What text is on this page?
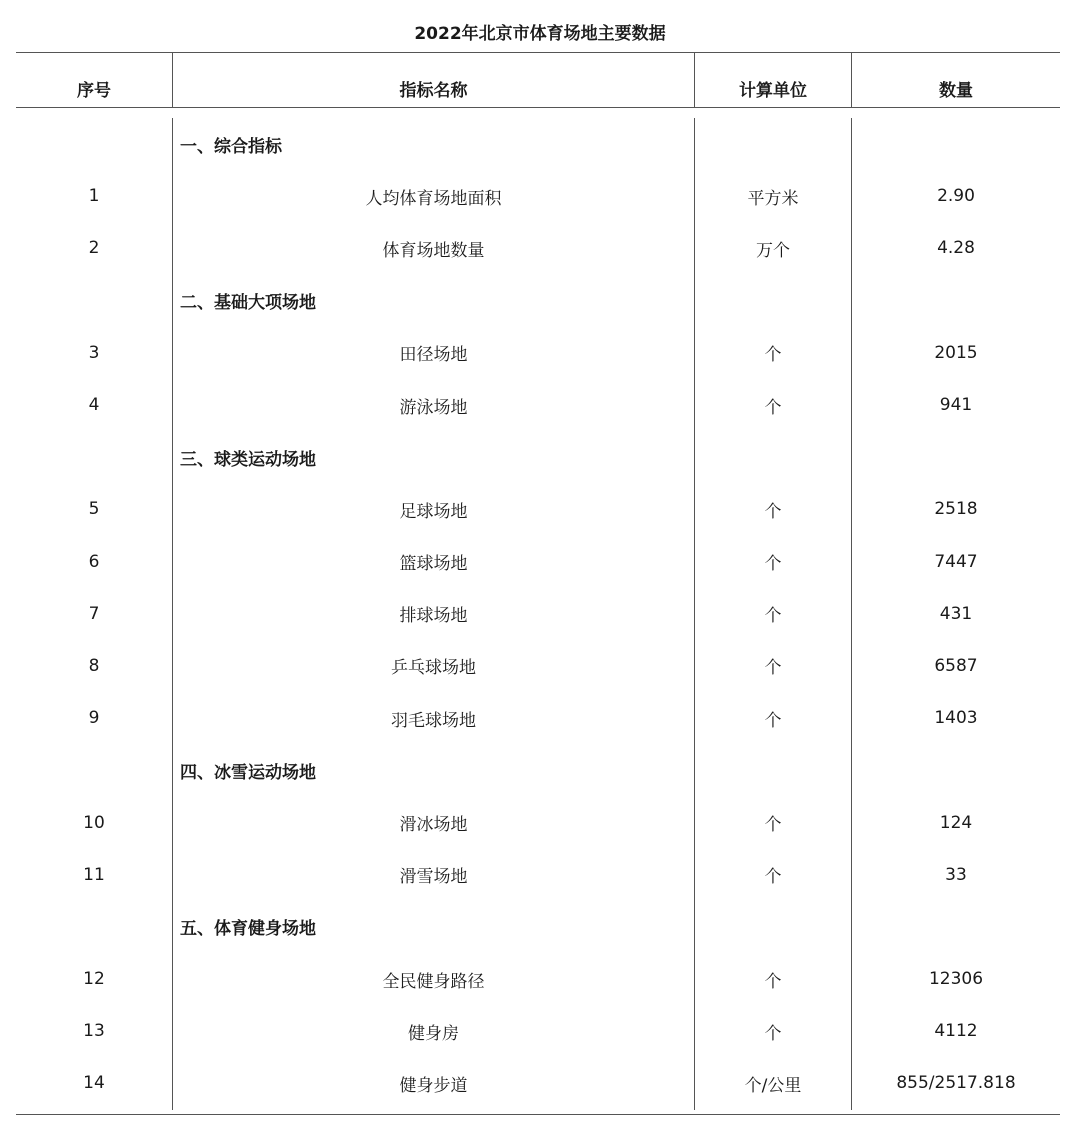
2022年北京市体育场地主要数据
序号	指标名称	计算单位	数量
一、综合指标
1	人均体育场地面积	平方米	2.90
2	体育场地数量	万个	4.28
二、基础大项场地
3	田径场地	个	2015
4	游泳场地	个	941
三、球类运动场地
5	足球场地	个	2518
6	篮球场地	个	7447
7	排球场地	个	431
8	乒乓球场地	个	6587
9	羽毛球场地	个	1403
四、冰雪运动场地
10	滑冰场地	个	124
11	滑雪场地	个	33
五、体育健身场地
12	全民健身路径	个	12306
13	健身房	个	4112
14	健身步道	个/公里	855/2517.818
